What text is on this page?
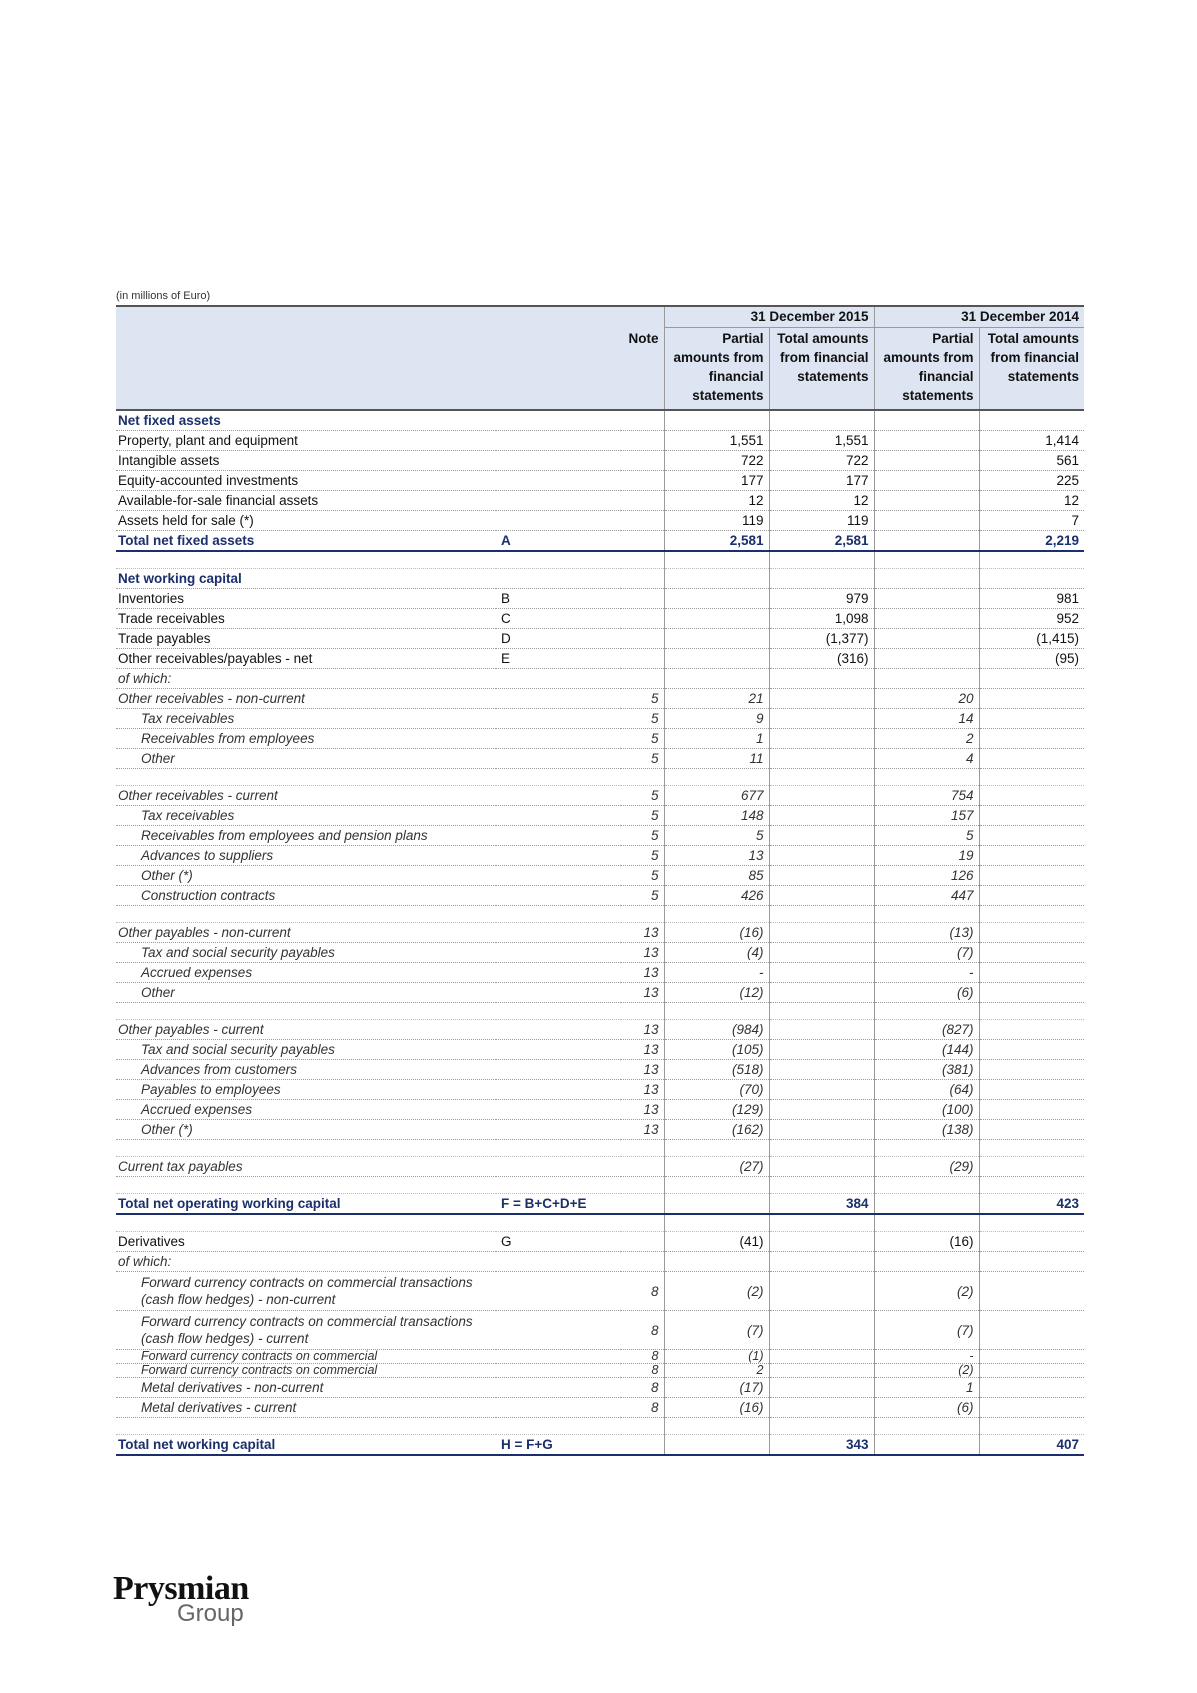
(in millions of Euro)
			31 December 2015		31 December 2014	
		Note	Partial amounts from financial statements	Total amounts from financial statements	Partial amounts from financial statements	Total amounts from financial statements
Net fixed assets						
Property, plant and equipment			1,551	1,551		1,414
Intangible assets			722	722		561
Equity-accounted investments			177	177		225
Available-for-sale financial assets			12	12		12
Assets held for sale (*)			119	119		7
Total net fixed assets	A		2,581	2,581		2,219

Net working capital						
Inventories	B			979		981
Trade receivables	C			1,098		952
Trade payables	D			(1,377)		(1,415)
Other receivables/payables - net	E			(316)		(95)
of which:						
Other receivables - non-current		5	21		20	
Tax receivables		5	9		14	
Receivables from employees		5	1		2	
Other		5	11		4	

Other receivables - current		5	677		754	
Tax receivables		5	148		157	
Receivables from employees and pension plans		5	5		5	
Advances to suppliers		5	13		19	
Other (*)		5	85		126	
Construction contracts		5	426		447	

Other payables - non-current		13	(16)		(13)	
Tax and social security payables		13	(4)		(7)	
Accrued expenses		13	-		-	
Other		13	(12)		(6)	

Other payables - current		13	(984)		(827)	
Tax and social security payables		13	(105)		(144)	
Advances from customers		13	(518)		(381)	
Payables to employees		13	(70)		(64)	
Accrued expenses		13	(129)		(100)	
Other (*)		13	(162)		(138)	

Current tax payables			(27)		(29)	

Total net operating working capital	F = B+C+D+E			384		423

Derivatives	G		(41)		(16)	
of which:						
Forward currency contracts on commercial transactions (cash flow hedges) - non-current		8	(2)		(2)	
Forward currency contracts on commercial transactions (cash flow hedges) - current		8	(7)		(7)	
Forward currency contracts on commercial		8	(1)		-	
Forward currency contracts on commercial		8	2		(2)	
Metal derivatives - non-current		8	(17)		1	
Metal derivatives - current		8	(16)		(6)	

Total net working capital	H = F+G			343		407
Prysmian
Group
